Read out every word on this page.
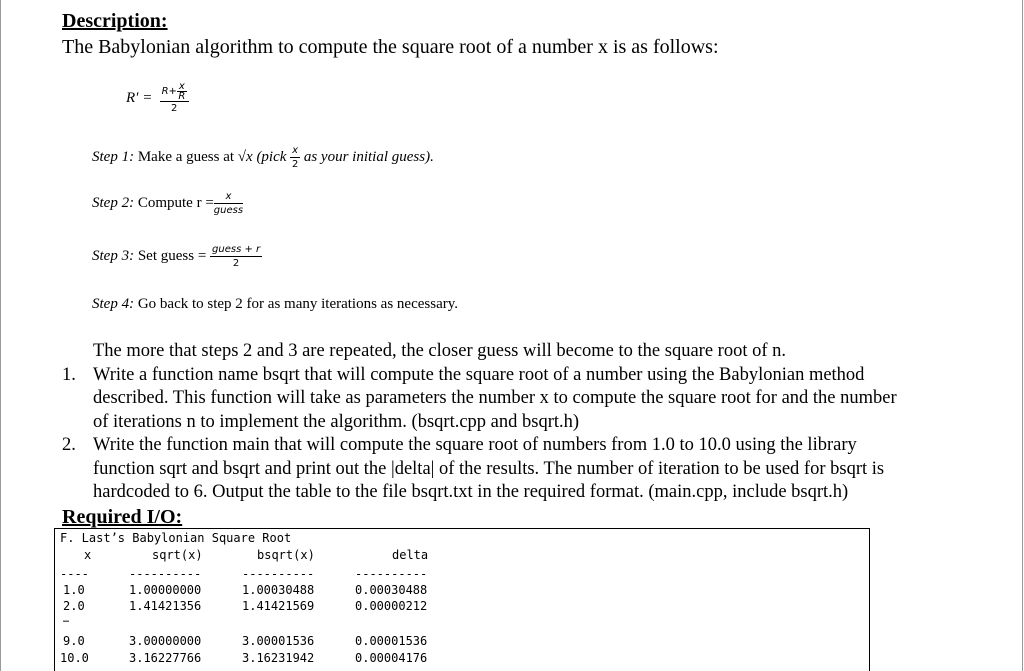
Description:
The Babylonian algorithm to compute the square root of a number x is as follows:
$R' = \frac{R+ \frac{x}{R}}{2}$
Step 1: Make a guess at √x (pick $\frac{x}{2}$ as your initial guess).
Step 2: Compute $r = \frac{x}{\text{guess}}$
Step 3: Set guess = $\frac{\text{guess + r}}{2}$
Step 4: Go back to step 2 for as many iterations as necessary.
The more that steps 2 and 3 are repeated, the closer guess will become to the square root of n.
1. Write a function name bsqrt that will compute the square root of a number using the Babylonian method
described. This function will take as parameters the number x to compute the square root for and the number
of iterations n to implement the algorithm. (bsqrt.cpp and bsqrt.h)
2. Write the function main that will compute the square root of numbers from 1.0 to 10.0 using the library
function sqrt and bsqrt and print out the |delta| of the results. The number of iteration to be used for bsqrt is
hardcoded to 6. Output the table to the file bsqrt.txt in the required format. (main.cpp, include bsqrt.h)
Required I/O:
F. Last’s Babylonian Square Root
x	sqrt(x)	bsqrt(x)	delta
----	----------	----------	----------
1.0	1.00000000	1.00030488	0.00030488
2.0	1.41421356	1.41421569	0.00000212
…
9.0	3.00000000	3.00001536	0.00001536
10.0	3.16227766	3.16231942	0.00004176
